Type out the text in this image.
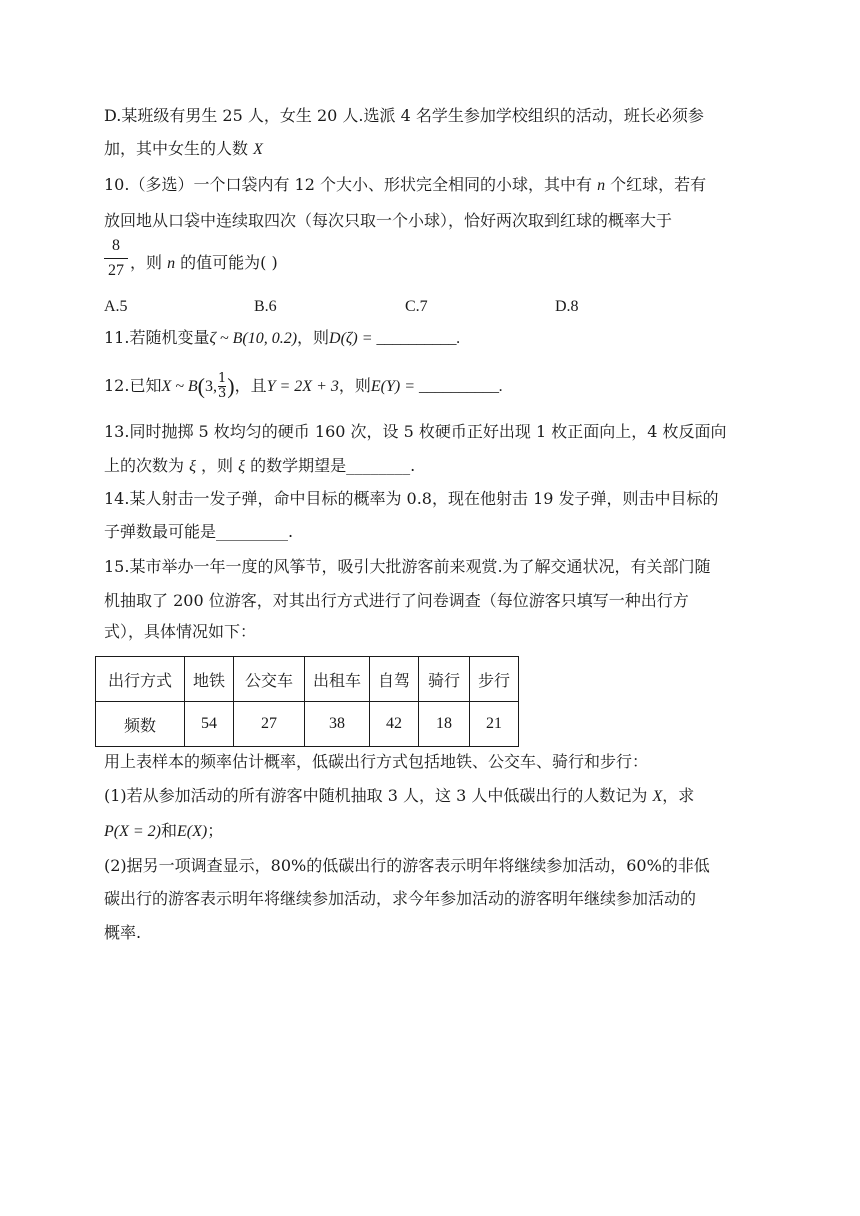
D.某班级有男生 25 人，女生 20 人.选派 4 名学生参加学校组织的活动，班长必须参
加，其中女生的人数 X
10.（多选）一个口袋内有 12 个大小、形状完全相同的小球，其中有 n 个红球，若有
放回地从口袋中连续取四次（每次只取一个小球），恰好两次取到红球的概率大于
8
27 ，则 n 的值可能为( )
A.5	B.6	C.7	D.8
11.若随机变量ζ ~ B(10, 0.2)，则D(ζ) = __________.
12.已知X ~ $B(3,\frac{1}{3})$，且Y = 2X + 3，则E(Y) = __________.
13.同时抛掷 5 枚均匀的硬币 160 次，设 5 枚硬币正好出现 1 枚正面向上，4 枚反面向
上的次数为 ξ ，则 ξ 的数学期望是________.
14.某人射击一发子弹，命中目标的概率为 0.8，现在他射击 19 发子弹，则击中目标的
子弹数最可能是_________.
15.某市举办一年一度的风筝节，吸引大批游客前来观赏.为了解交通状况，有关部门随
机抽取了 200 位游客，对其出行方式进行了问卷调查（每位游客只填写一种出行方
式），具体情况如下：
出行方式	地铁	公交车	出租车	自驾	骑行	步行
频数	54	27	38	42	18	21
用上表样本的频率估计概率，低碳出行方式包括地铁、公交车、骑行和步行：
(1)若从参加活动的所有游客中随机抽取 3 人，这 3 人中低碳出行的人数记为 X，求
P(X = 2)和E(X)；
(2)据另一项调查显示，80%的低碳出行的游客表示明年将继续参加活动，60%的非低
碳出行的游客表示明年将继续参加活动，求今年参加活动的游客明年继续参加活动的
概率.
